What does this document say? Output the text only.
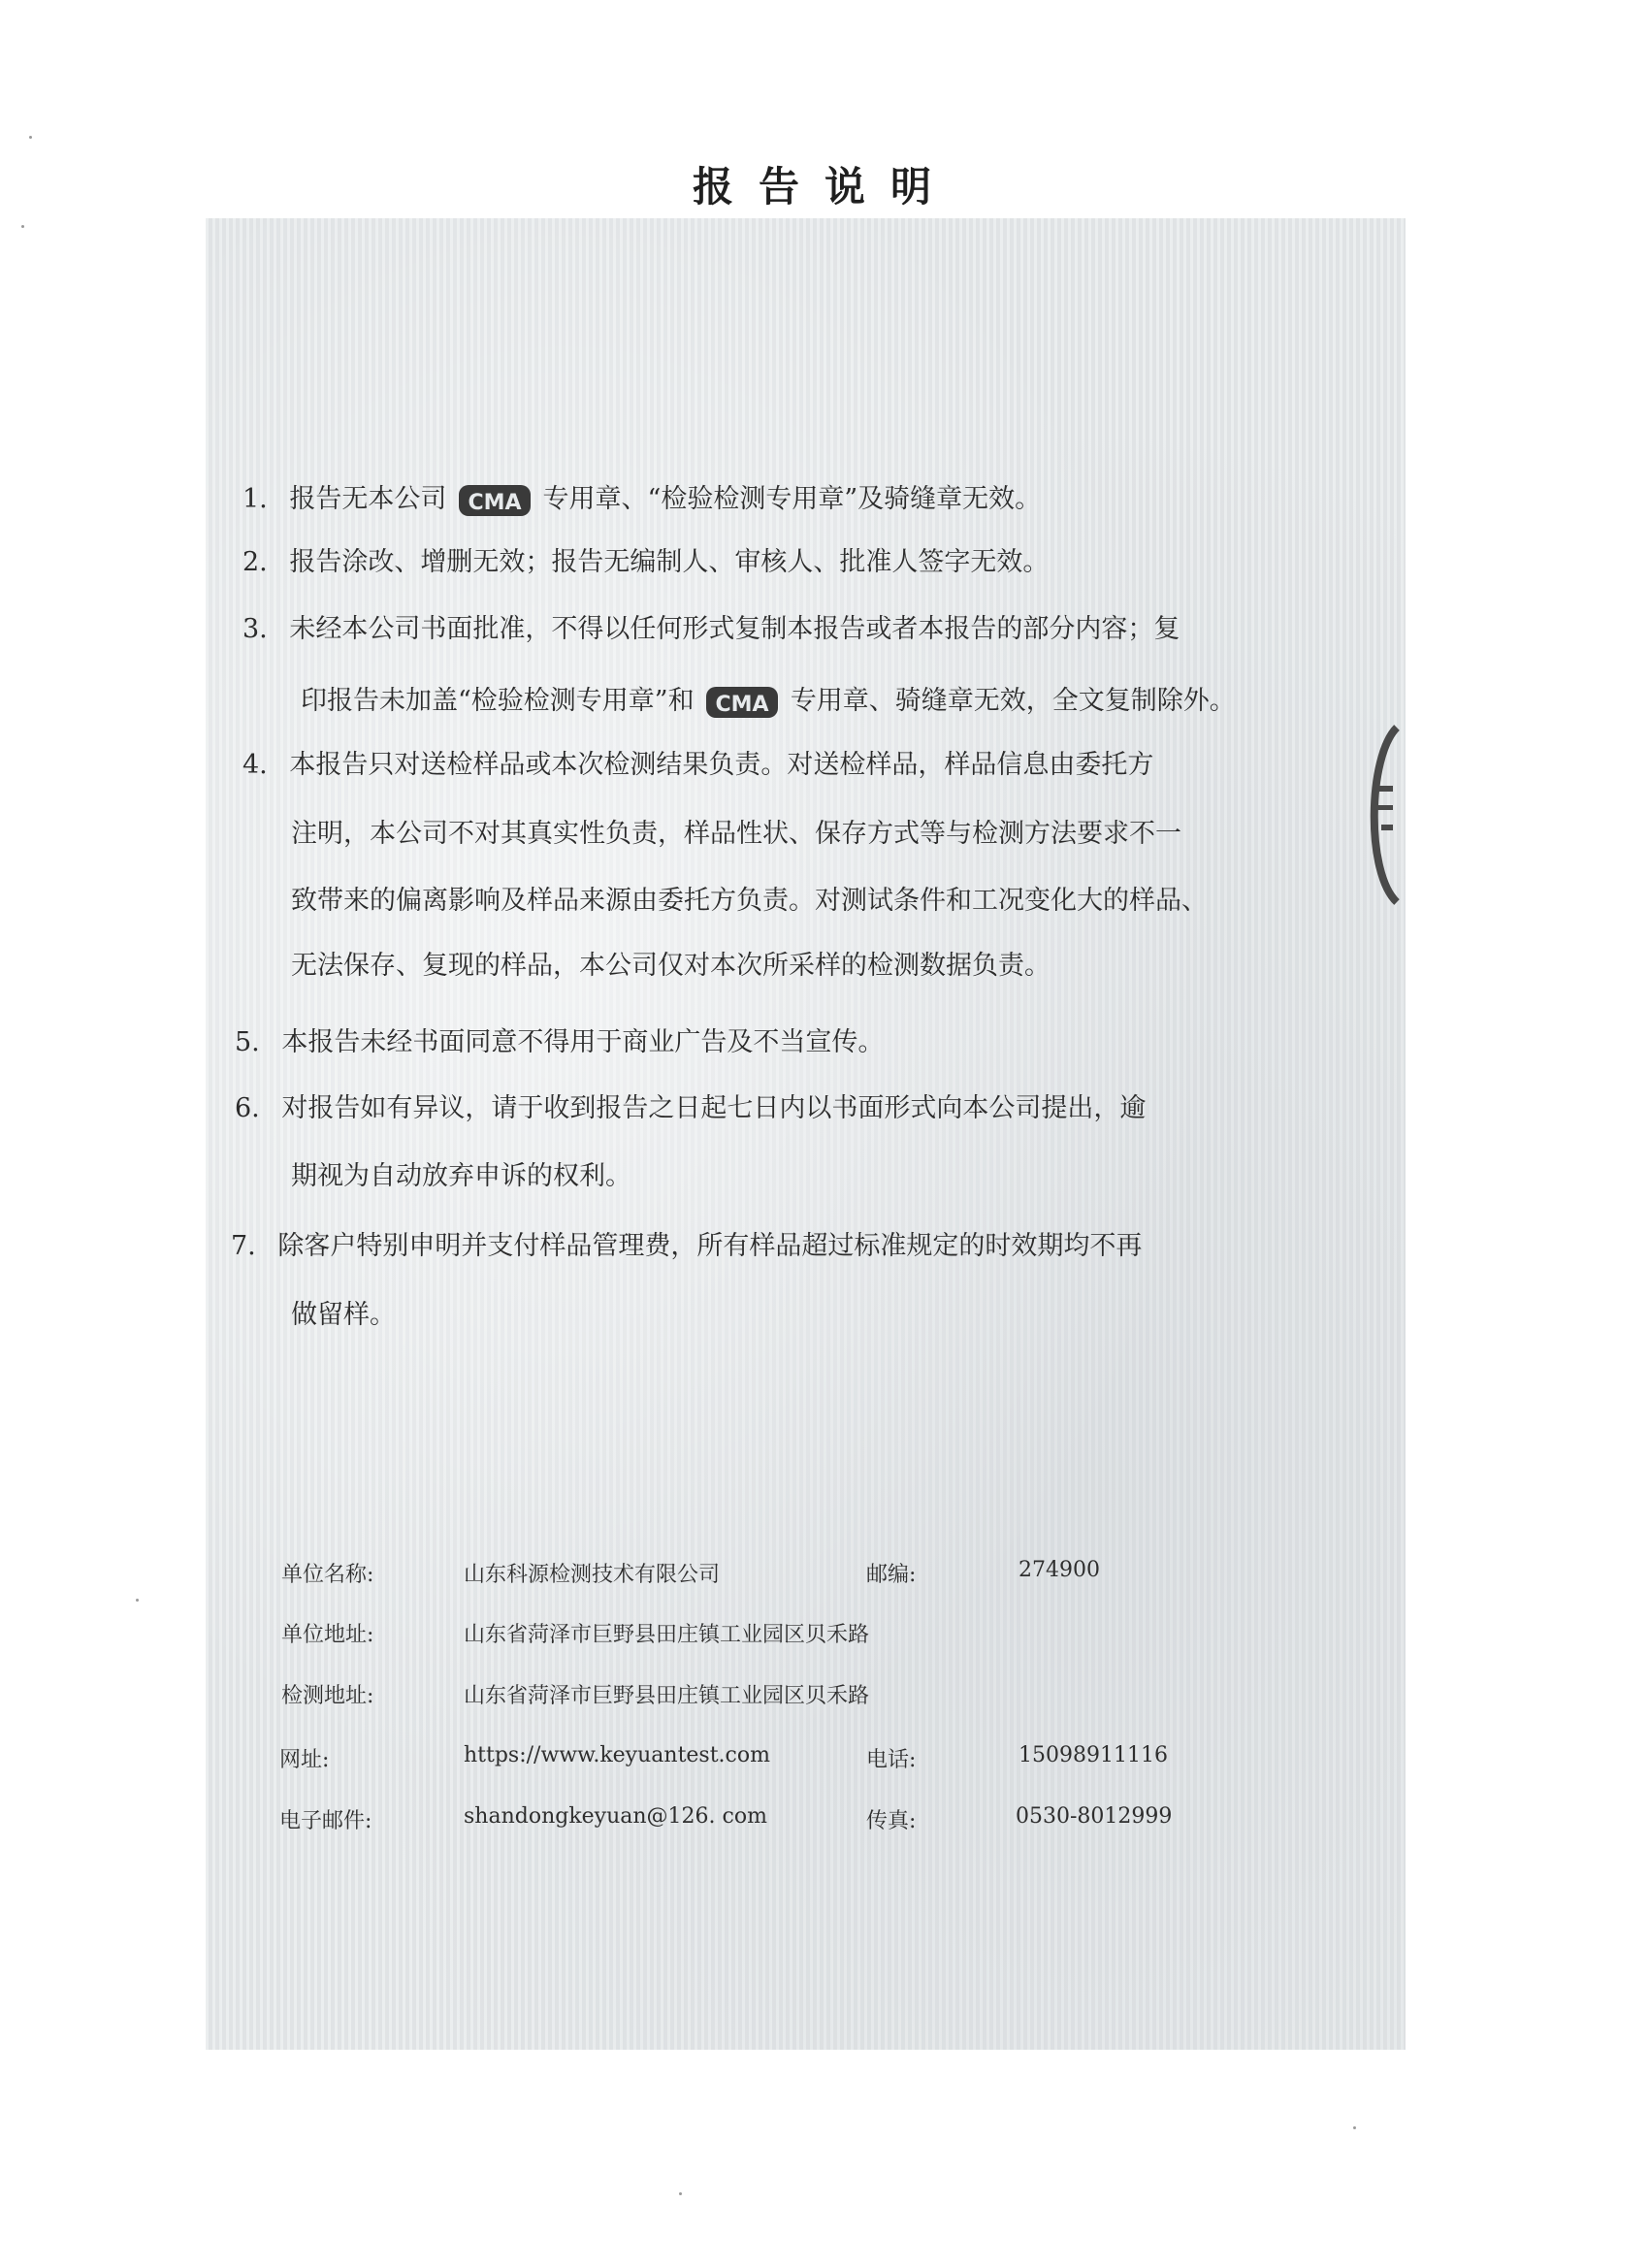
报告说明
1. 报告无本公司 CMA 专用章、“检验检测专用章”及骑缝章无效。
2. 报告涂改、增删无效；报告无编制人、审核人、批准人签字无效。
3. 未经本公司书面批准，不得以任何形式复制本报告或者本报告的部分内容；复
印报告未加盖“检验检测专用章”和 CMA 专用章、骑缝章无效，全文复制除外。
4. 本报告只对送检样品或本次检测结果负责。对送检样品，样品信息由委托方
注明，本公司不对其真实性负责，样品性状、保存方式等与检测方法要求不一
致带来的偏离影响及样品来源由委托方负责。对测试条件和工况变化大的样品、
无法保存、复现的样品，本公司仅对本次所采样的检测数据负责。
5. 本报告未经书面同意不得用于商业广告及不当宣传。
6. 对报告如有异议，请于收到报告之日起七日内以书面形式向本公司提出，逾
期视为自动放弃申诉的权利。
7. 除客户特别申明并支付样品管理费，所有样品超过标准规定的时效期均不再
做留样。
单位名称:	山东科源检测技术有限公司	邮编:	274900
单位地址:	山东省菏泽市巨野县田庄镇工业园区贝禾路
检测地址:	山东省菏泽市巨野县田庄镇工业园区贝禾路
网址:	https://www.keyuantest.com	电话:	15098911116
电子邮件:	shandongkeyuan@126. com	传真:	0530-8012999
